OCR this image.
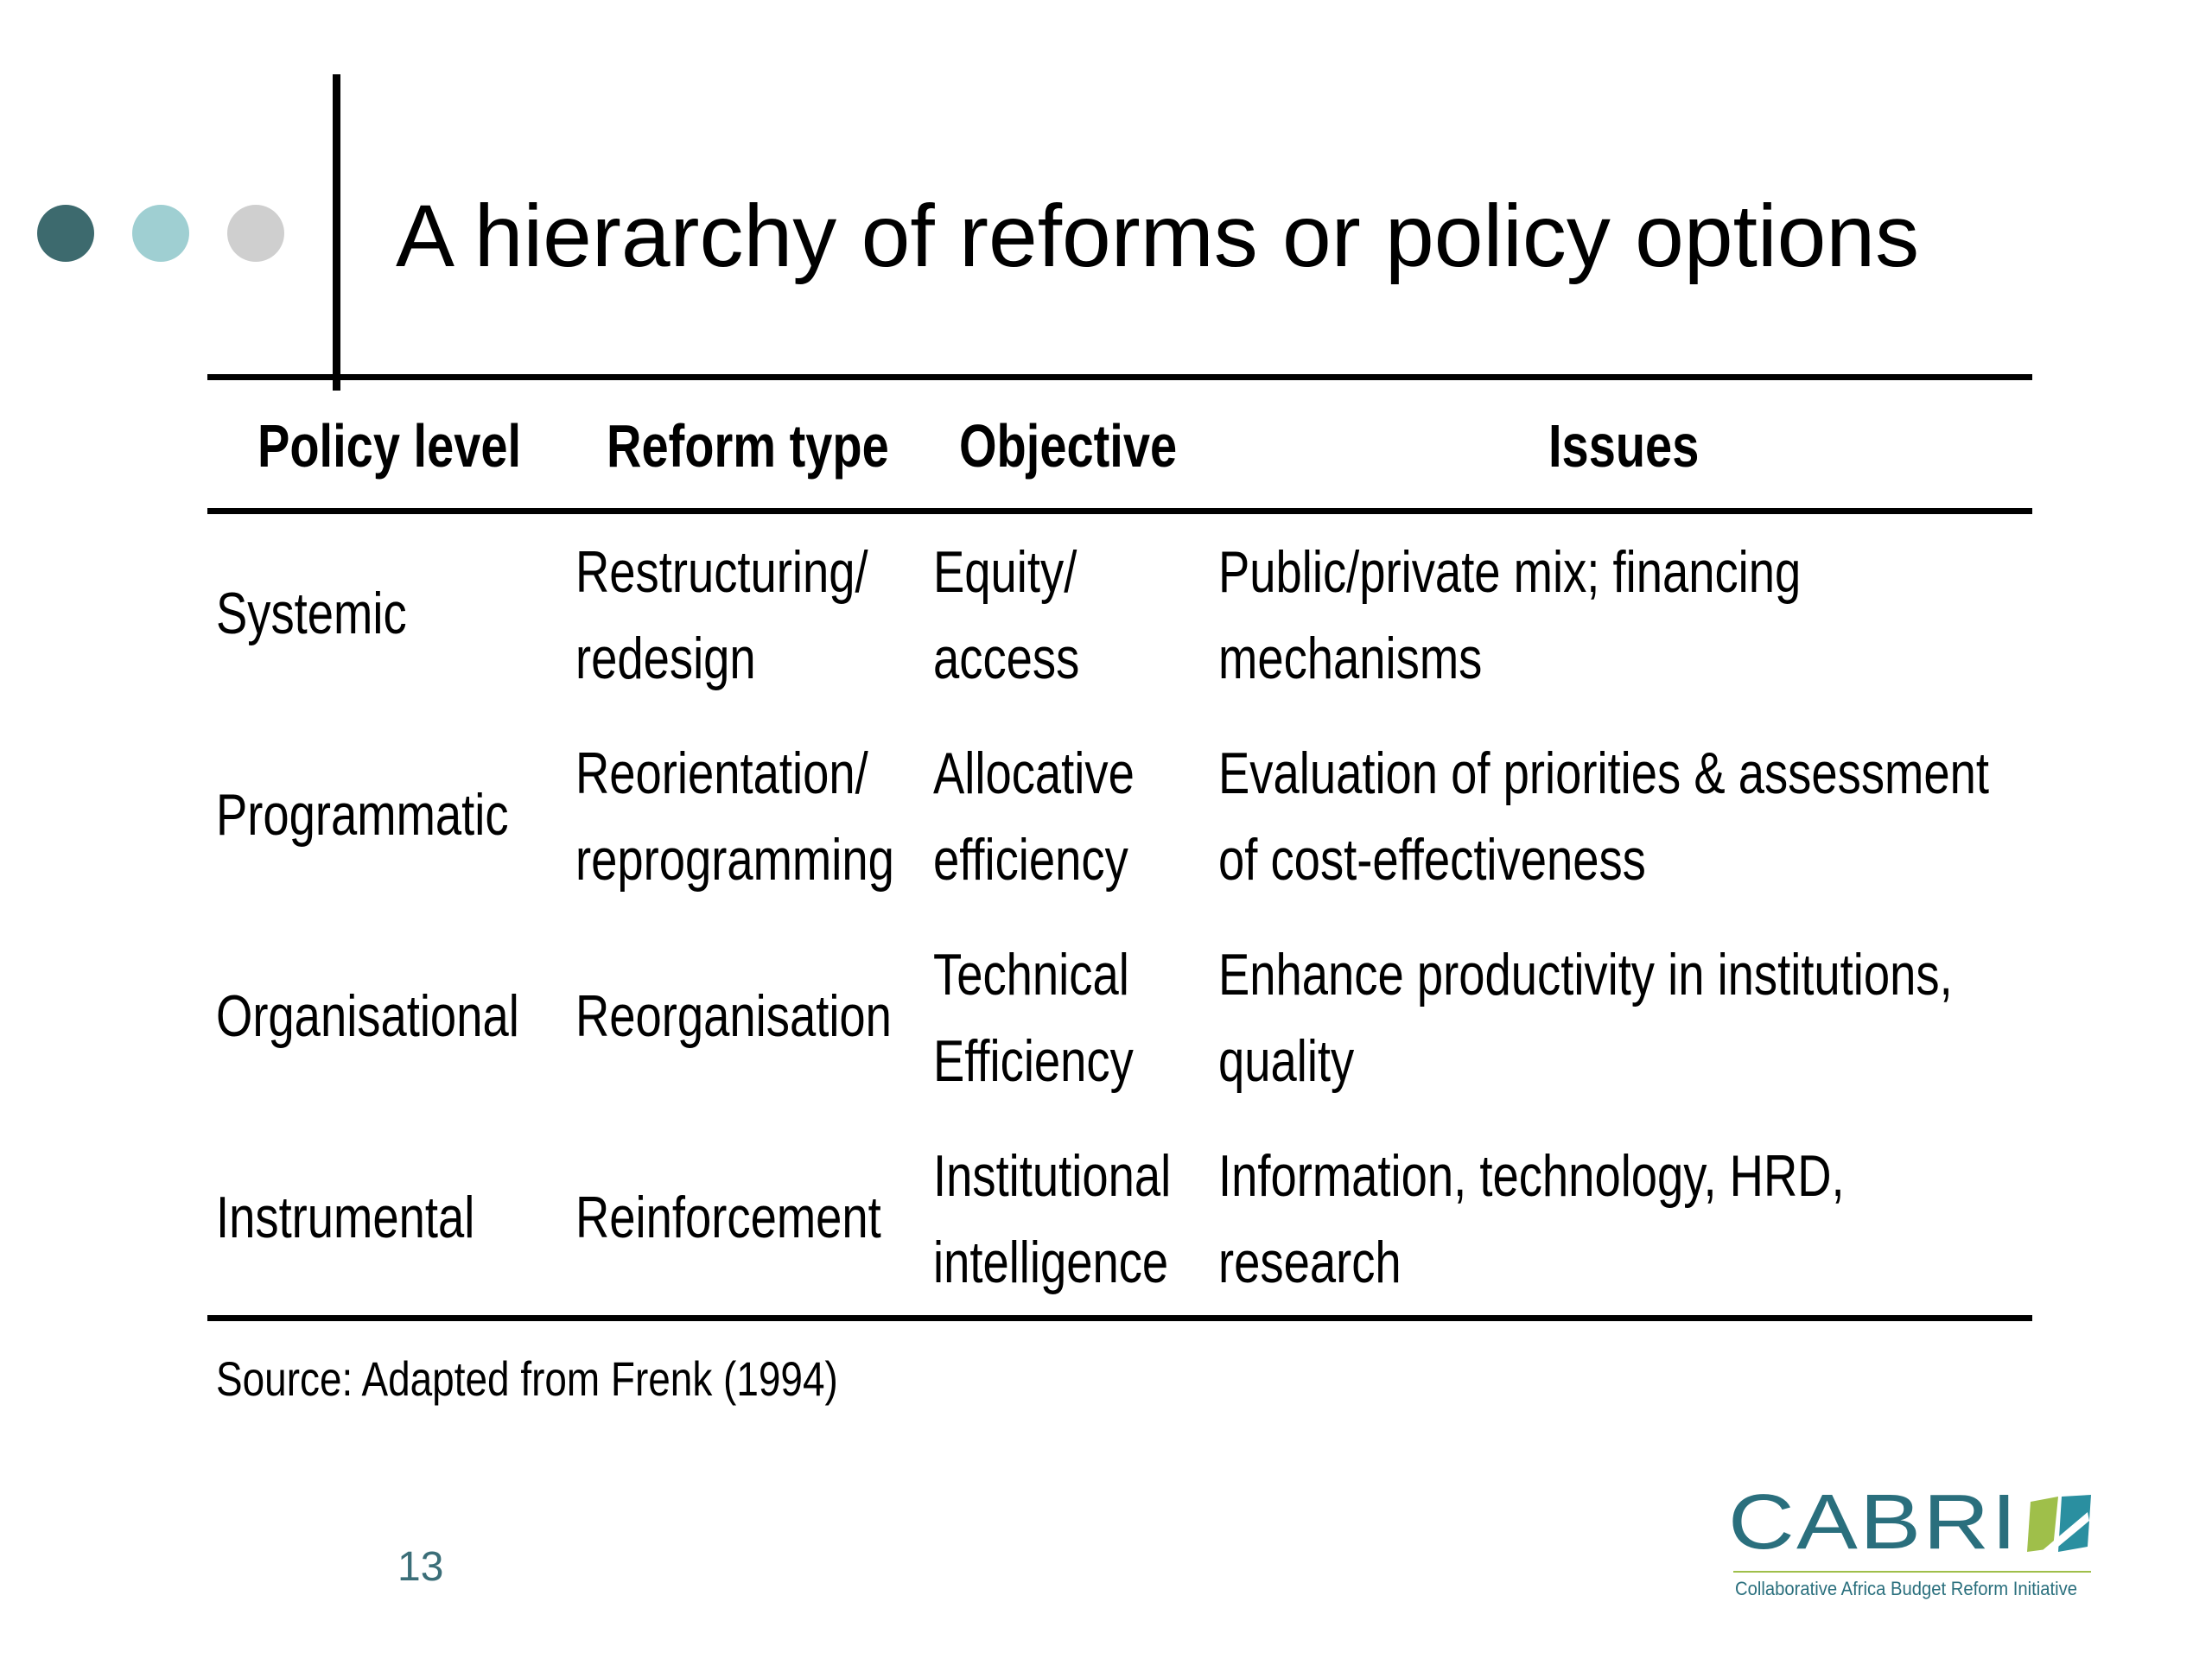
A hierarchy of reforms or policy options
Policy level Reform type Objective	Issues
Systemic
Restructuring/
redesign
Equity/
access
Public/private mix; financing
mechanisms
Programmatic
Reorientation/
reprogramming
Allocative
efficiency
Evaluation of priorities & assessment
of cost-effectiveness
Organisational Reorganisation
Technical
Efficiency
Enhance productivity in institutions,
quality
Instrumental Reinforcement
Institutional
intelligence
Information, technology, HRD,
research
Source: Adapted from Frenk (1994)
13
CABRI
Collaborative Africa Budget Reform Initiative
